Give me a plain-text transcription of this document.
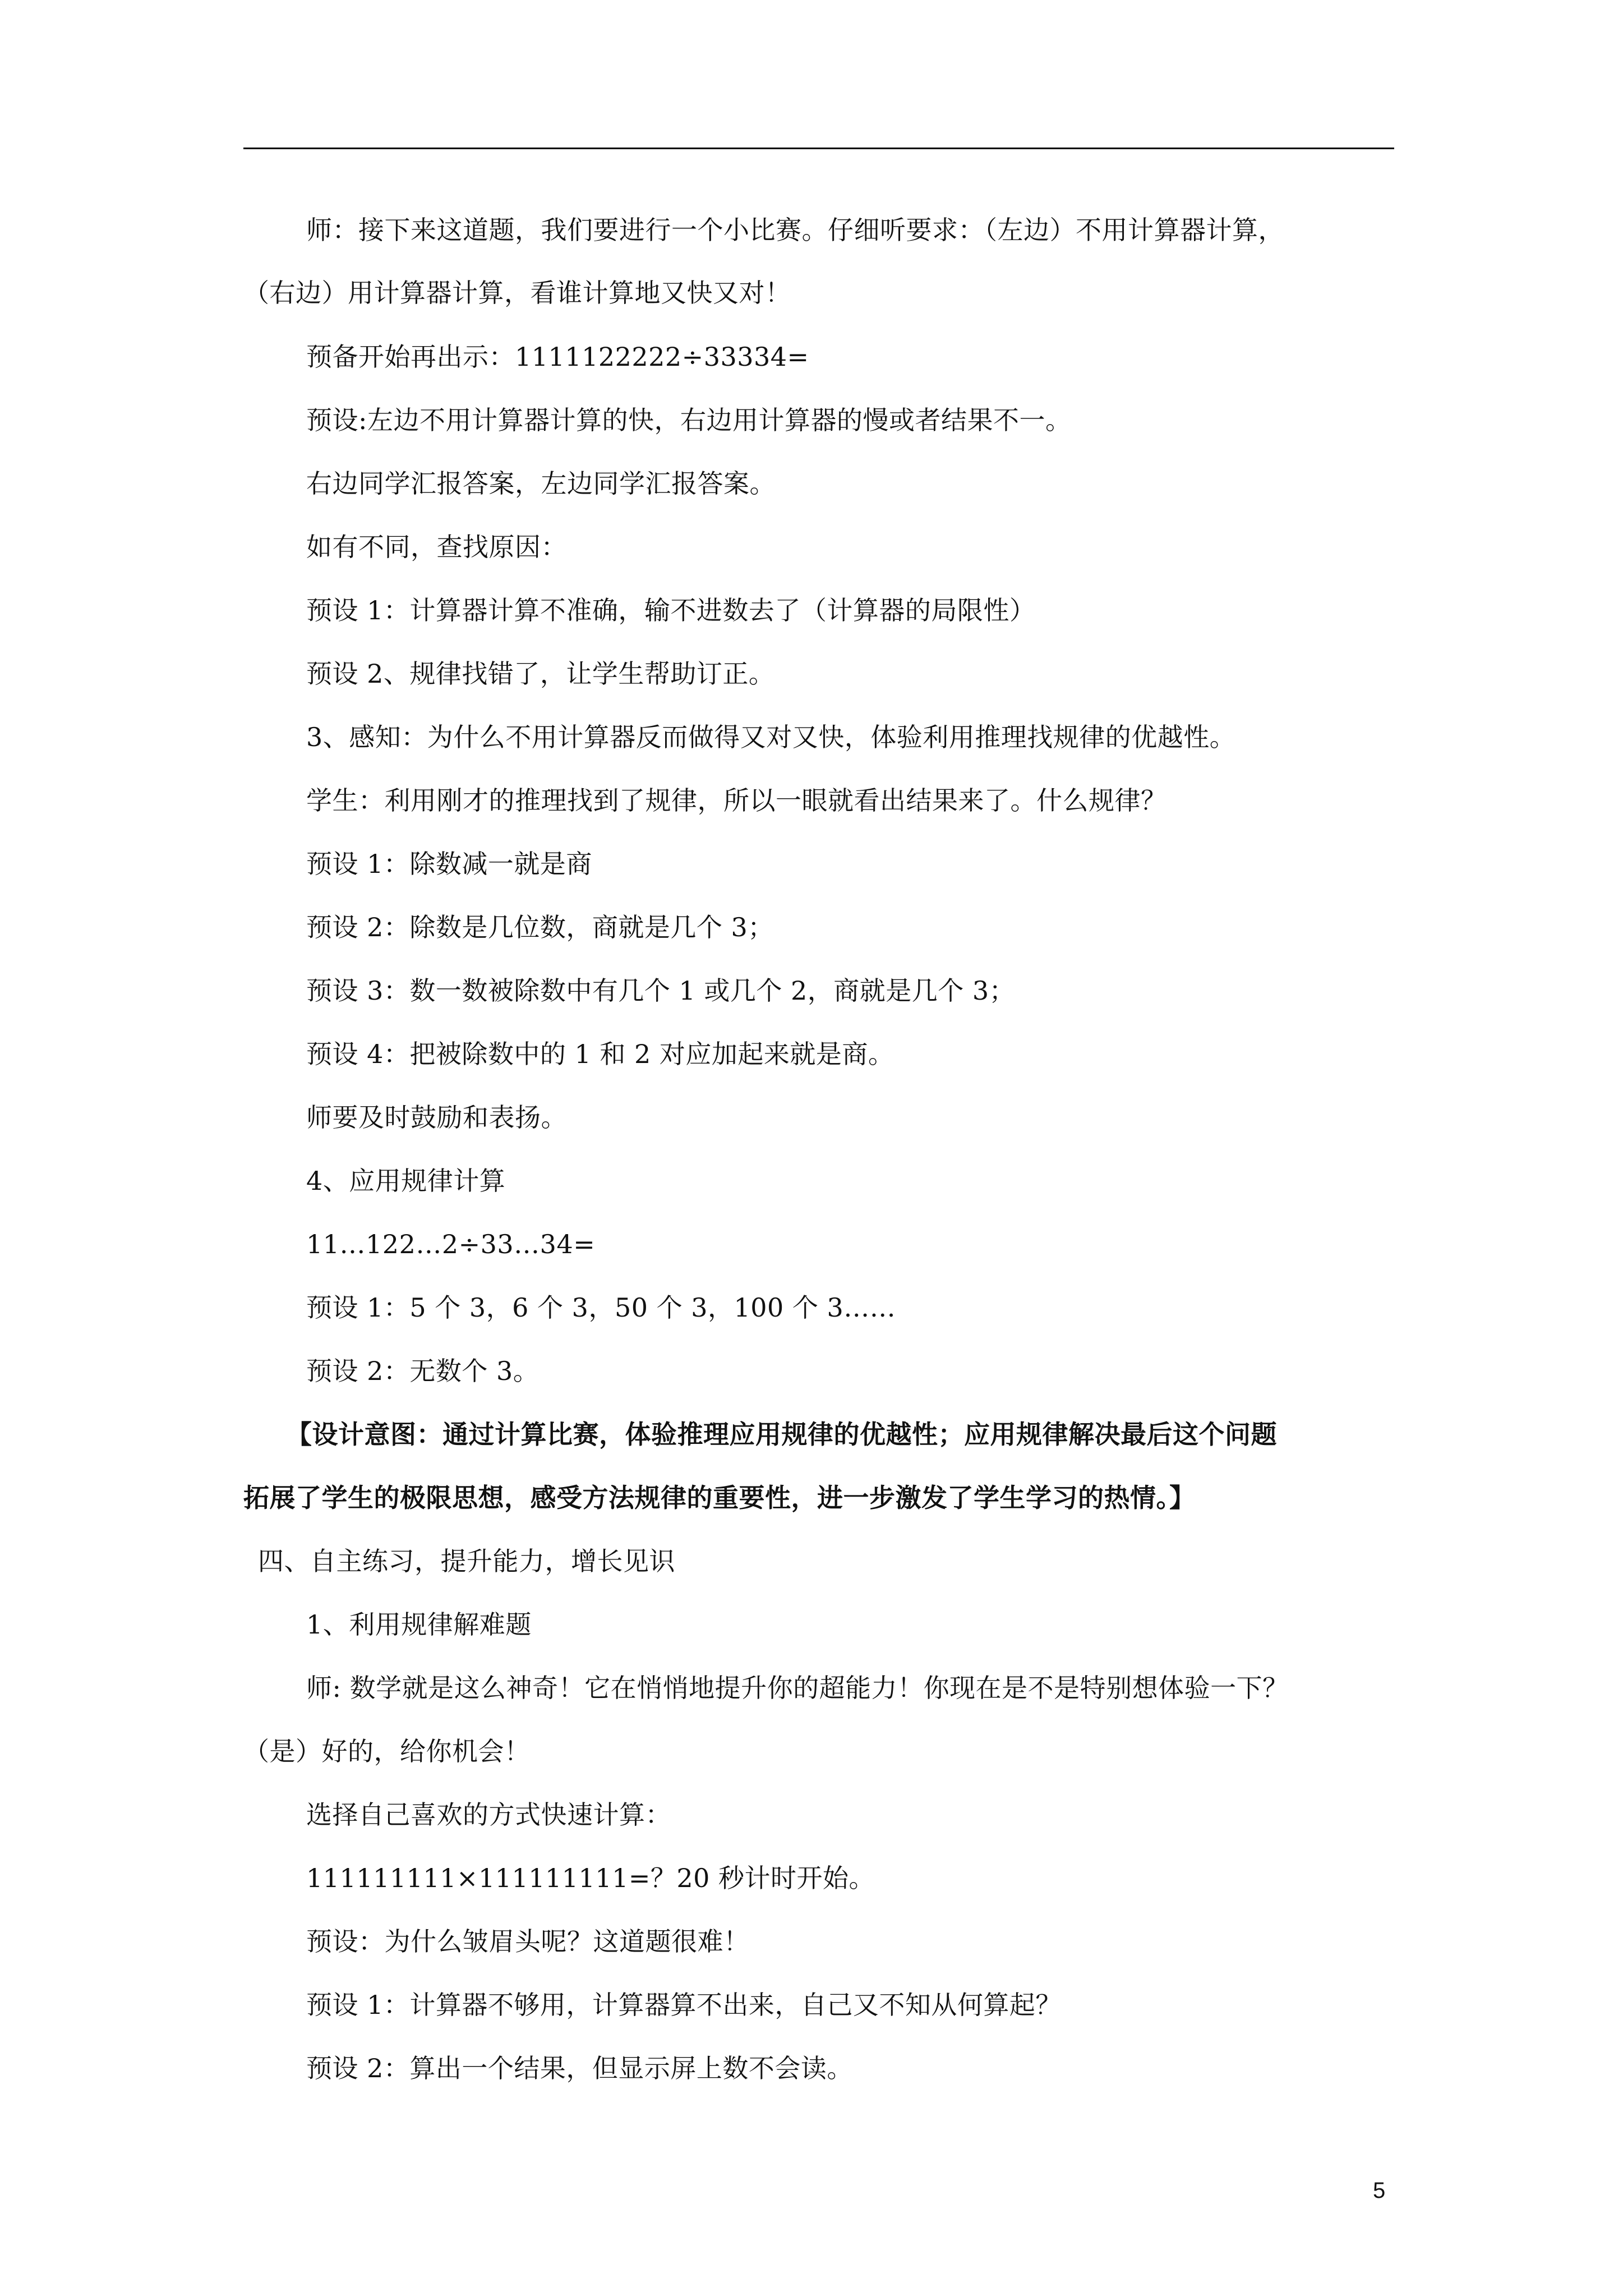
师：接下来这道题，我们要进行一个小比赛。仔细听要求：（左边）不用计算器计算，
（右边）用计算器计算，看谁计算地又快又对！
预备开始再出示：1111122222÷33334=
预设:左边不用计算器计算的快，右边用计算器的慢或者结果不一。
右边同学汇报答案，左边同学汇报答案。
如有不同，查找原因：
预设 1：计算器计算不准确，输不进数去了（计算器的局限性）
预设 2、规律找错了，让学生帮助订正。
3、感知：为什么不用计算器反而做得又对又快，体验利用推理找规律的优越性。
学生：利用刚才的推理找到了规律，所以一眼就看出结果来了。什么规律？
预设 1：除数减一就是商
预设 2：除数是几位数，商就是几个 3；
预设 3：数一数被除数中有几个 1 或几个 2，商就是几个 3；
预设 4：把被除数中的 1 和 2 对应加起来就是商。
师要及时鼓励和表扬。
4、应用规律计算
11…122…2÷33…34=
预设 1：5 个 3，6 个 3，50 个 3，100 个 3……
预设 2：无数个 3。
【设计意图：通过计算比赛，体验推理应用规律的优越性；应用规律解决最后这个问题
拓展了学生的极限思想，感受方法规律的重要性，进一步激发了学生学习的热情。】
四、自主练习，提升能力，增长见识
1、利用规律解难题
师: 数学就是这么神奇！它在悄悄地提升你的超能力！你现在是不是特别想体验一下？
（是）好的，给你机会！
选择自己喜欢的方式快速计算：
111111111×111111111=？20 秒计时开始。
预设：为什么皱眉头呢？这道题很难！
预设 1：计算器不够用，计算器算不出来，自己又不知从何算起？
预设 2：算出一个结果，但显示屏上数不会读。
5
